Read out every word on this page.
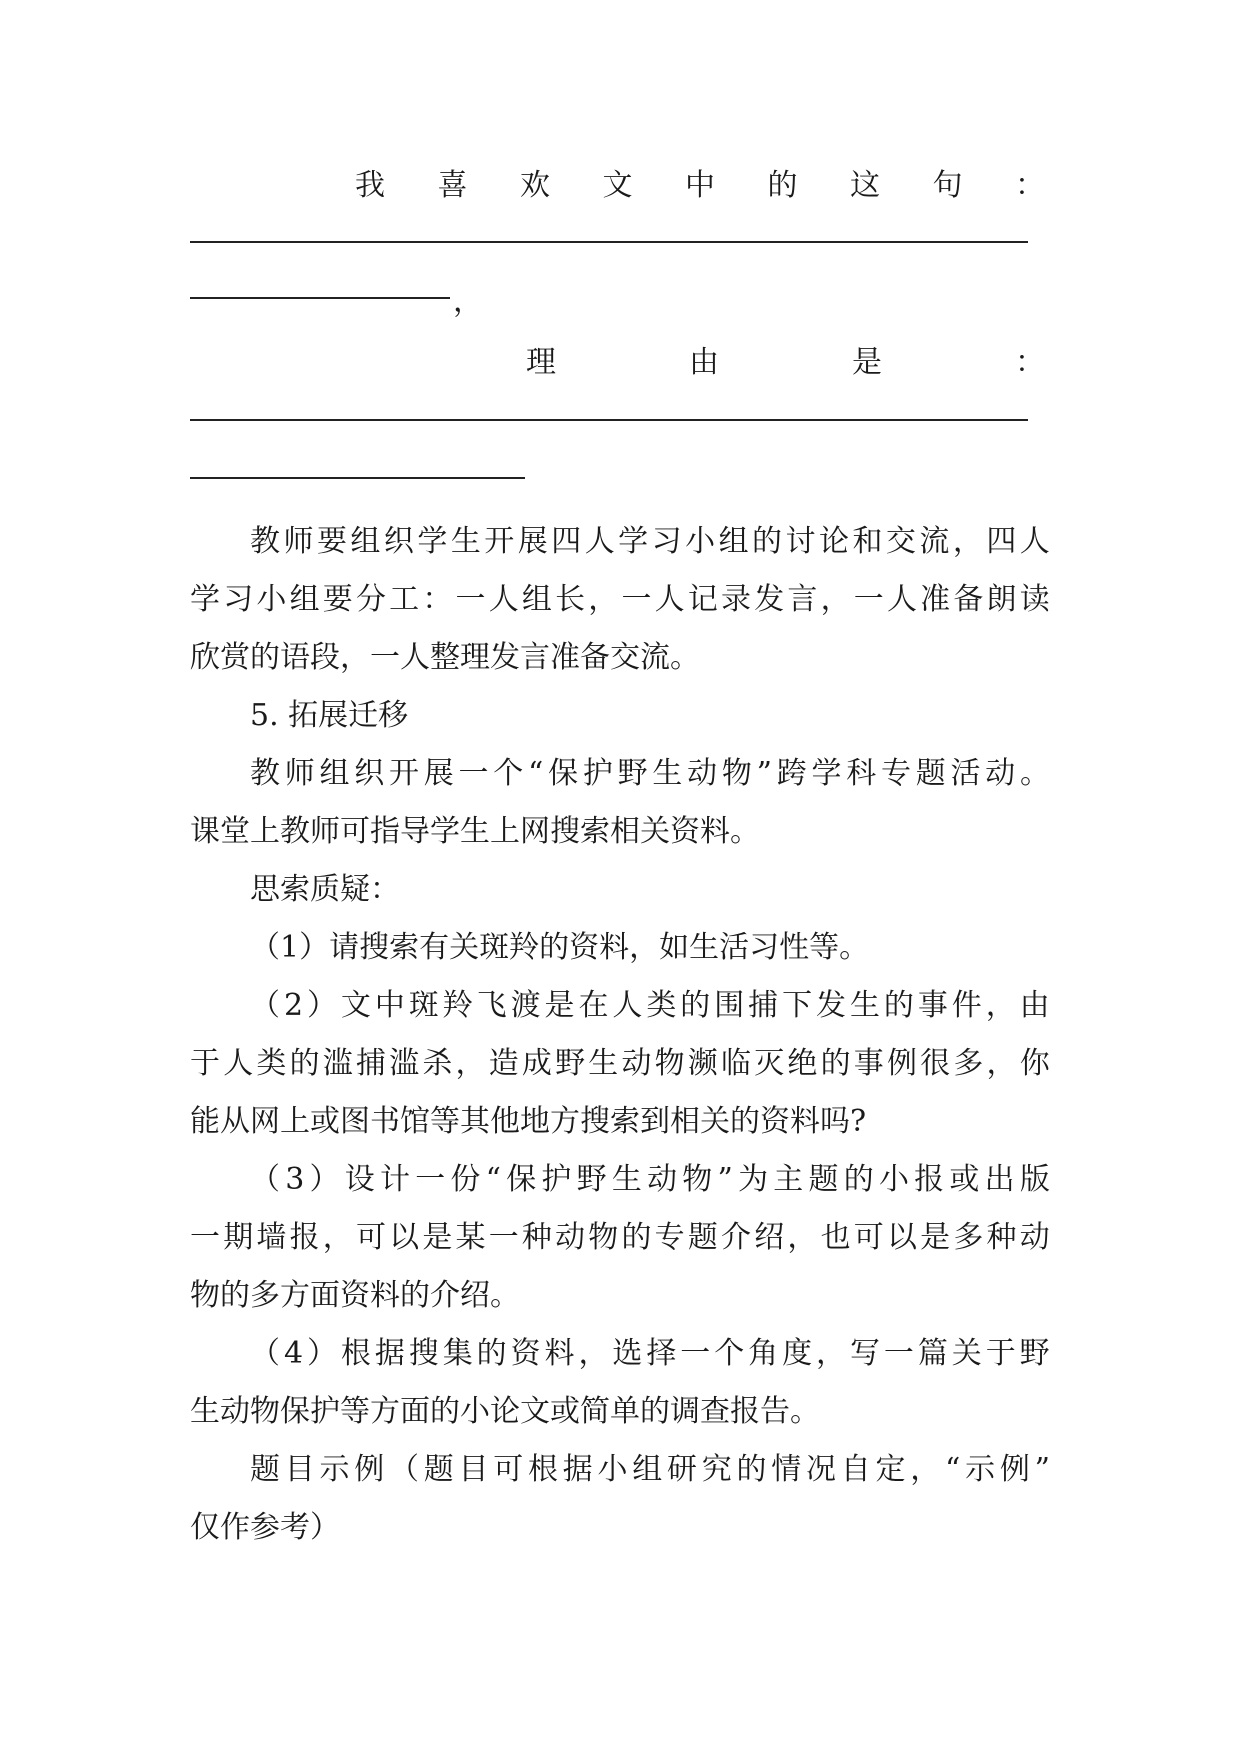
我 喜 欢 文 中 的 这 句 ：
，
理	由	是	：
教 师 要 组 织 学 生 开 展 四 人 学 习 小 组 的 讨 论 和 交 流 ， 四 人
学 习 小 组 要 分 工 ： 一 人 组 长 ， 一 人 记 录 发 言 ， 一 人 准 备 朗 读
欣赏的语段，一人整理发言准备交流。
5. 拓展迁移
教 师 组 织 开 展 一 个 “ 保 护 野 生 动 物 ” 跨 学 科 专 题 活 动 。
课堂上教师可指导学生上网搜索相关资料。
思索质疑：
（1）请搜索有关斑羚的资料，如生活习性等。
（ 2 ） 文 中 斑 羚 飞 渡 是 在 人 类 的 围 捕 下 发 生 的 事 件 ， 由
于 人 类 的 滥 捕 滥 杀 ， 造 成 野 生 动 物 濒 临 灭 绝 的 事 例 很 多 ， 你
能从网上或图书馆等其他地方搜索到相关的资料吗?
（ 3 ） 设 计 一 份 “ 保 护 野 生 动 物 ” 为 主 题 的 小 报 或 出 版
一 期 墙 报 ， 可 以 是 某 一 种 动 物 的 专 题 介 绍 ， 也 可 以 是 多 种 动
物的多方面资料的介绍。
（ 4 ） 根 据 搜 集 的 资 料 ， 选 择 一 个 角 度 ， 写 一 篇 关 于 野
生动物保护等方面的小论文或简单的调查报告。
题 目 示 例 （ 题 目 可 根 据 小 组 研 究 的 情 况 自 定 ， “ 示 例 ”
仅作参考）
